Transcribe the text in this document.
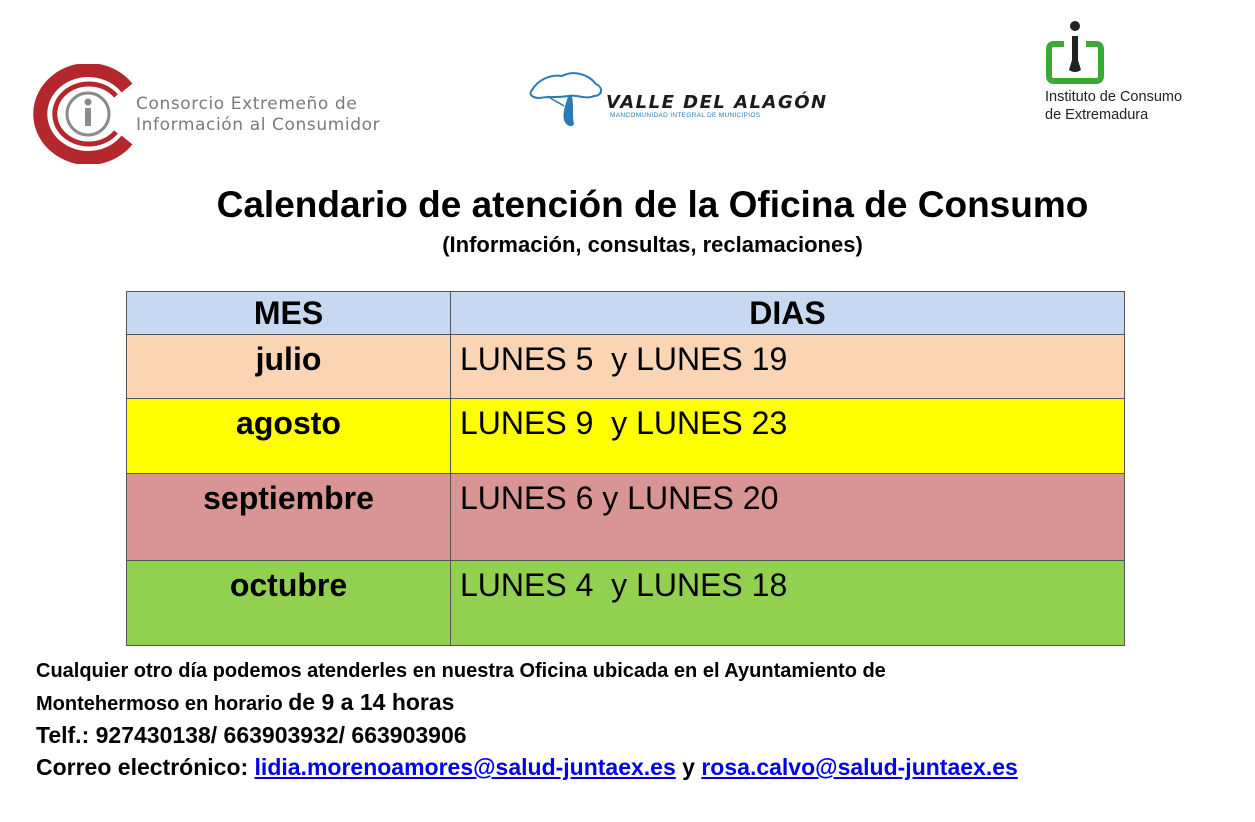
Consorcio Extremeño de
Información al Consumidor
VALLE DEL ALAGÓN
MANCOMUNIDAD INTEGRAL DE MUNICIPIOS
Instituto de Consumo
de Extremadura
Calendario de atención de la Oficina de Consumo
(Información, consultas, reclamaciones)
MES	DIAS
julio	LUNES 5  y LUNES 19
agosto	LUNES 9  y LUNES 23
septiembre	LUNES 6 y LUNES 20
octubre	LUNES 4  y LUNES 18
Cualquier otro día podemos atenderles en nuestra Oficina ubicada en el Ayuntamiento de
Montehermoso en horario de 9 a 14 horas
Telf.: 927430138/ 663903932/ 663903906
Correo electrónico: lidia.morenoamores@salud-juntaex.es y rosa.calvo@salud-juntaex.es
